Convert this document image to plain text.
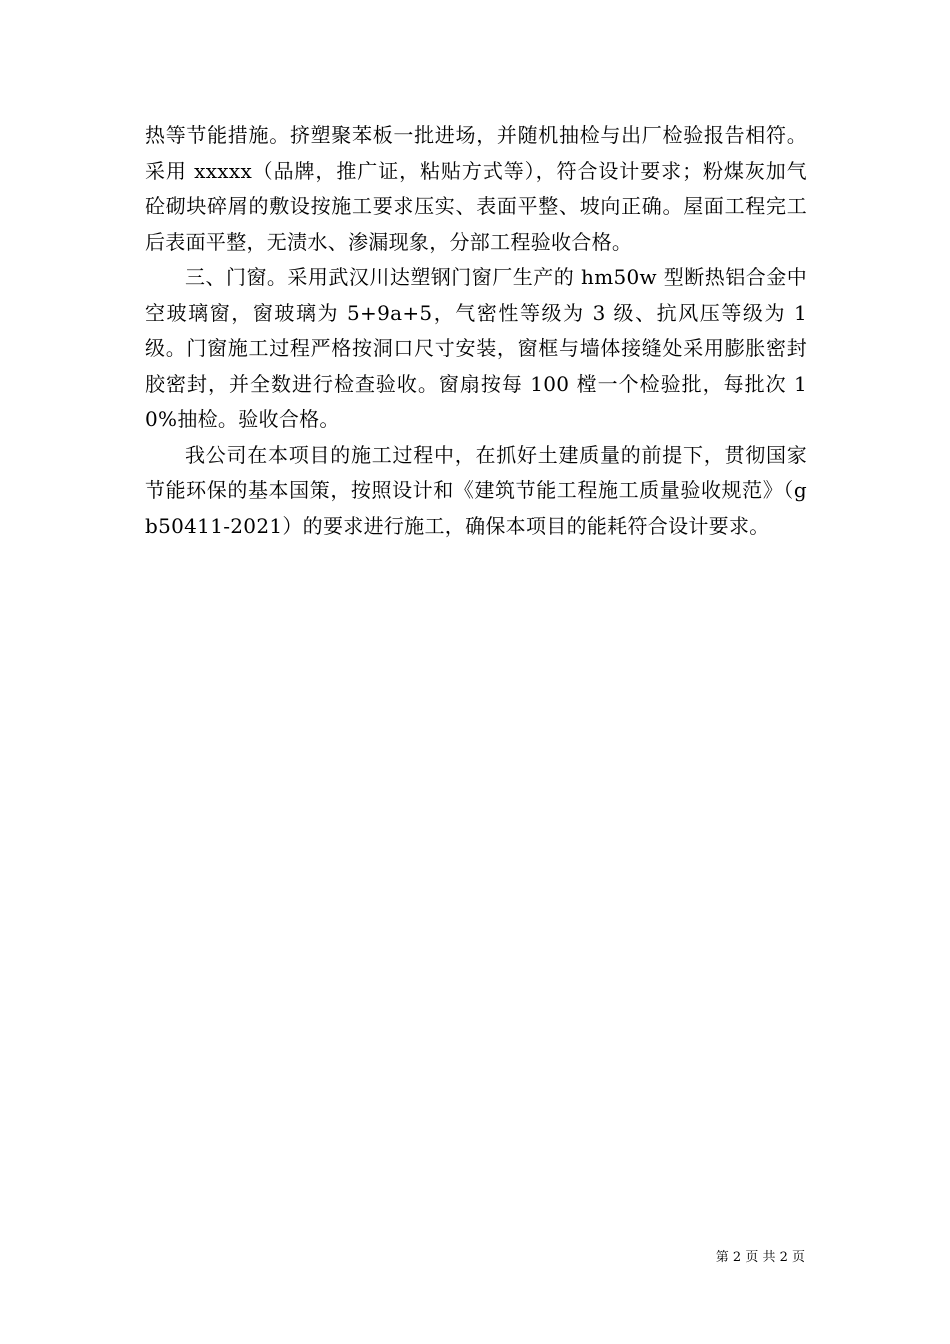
热等节能措施。挤塑聚苯板一批进场，并随机抽检与出厂检验报告相符。采用 xxxxx（品牌，推广证，粘贴方式等），符合设计要求；粉煤灰加气砼砌块碎屑的敷设按施工要求压实、表面平整、坡向正确。屋面工程完工后表面平整，无渍水、渗漏现象，分部工程验收合格。

三、门窗。采用武汉川达塑钢门窗厂生产的 hm50w 型断热铝合金中空玻璃窗，窗玻璃为 5+9a+5，气密性等级为 3 级、抗风压等级为 1 级。门窗施工过程严格按洞口尺寸安装，窗框与墙体接缝处采用膨胀密封胶密封，并全数进行检查验收。窗扇按每 100 樘一个检验批，每批次 10%抽检。验收合格。

我公司在本项目的施工过程中，在抓好土建质量的前提下，贯彻国家节能环保的基本国策，按照设计和《建筑节能工程施工质量验收规范》（gb50411-2021）的要求进行施工，确保本项目的能耗符合设计要求。

第 2 页 共 2 页
